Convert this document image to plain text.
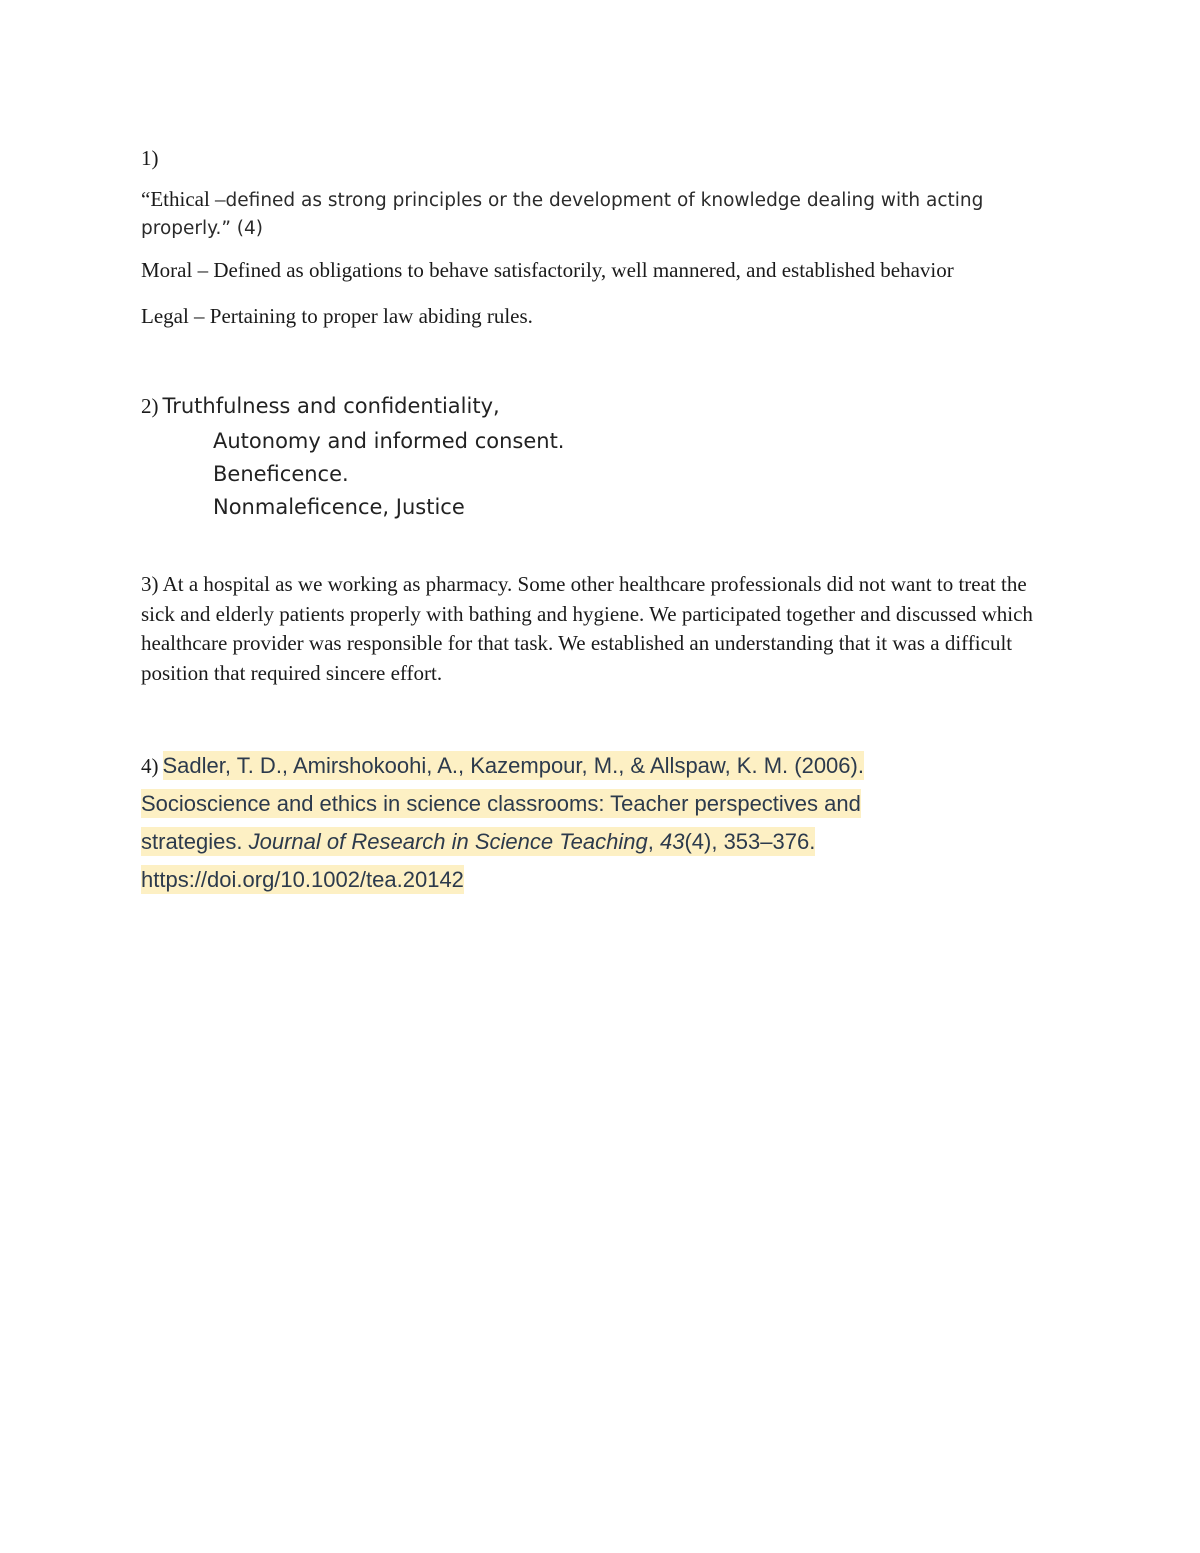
1)

“Ethical –defined as strong principles or the development of knowledge dealing with acting properly.” (4)

Moral – Defined as obligations to behave satisfactorily, well mannered, and established behavior

Legal – Pertaining to proper law abiding rules.

2) Truthfulness and confidentiality,
Autonomy and informed consent.
Beneficence.
Nonmaleficence, Justice

3) At a hospital as we working as pharmacy. Some other healthcare professionals did not want to treat the sick and elderly patients properly with bathing and hygiene. We participated together and discussed which healthcare provider was responsible for that task. We established an understanding that it was a difficult position that required sincere effort.

4) Sadler, T. D., Amirshokoohi, A., Kazempour, M., & Allspaw, K. M. (2006). Socioscience and ethics in science classrooms: Teacher perspectives and strategies. Journal of Research in Science Teaching, 43(4), 353–376. https://doi.org/10.1002/tea.20142
